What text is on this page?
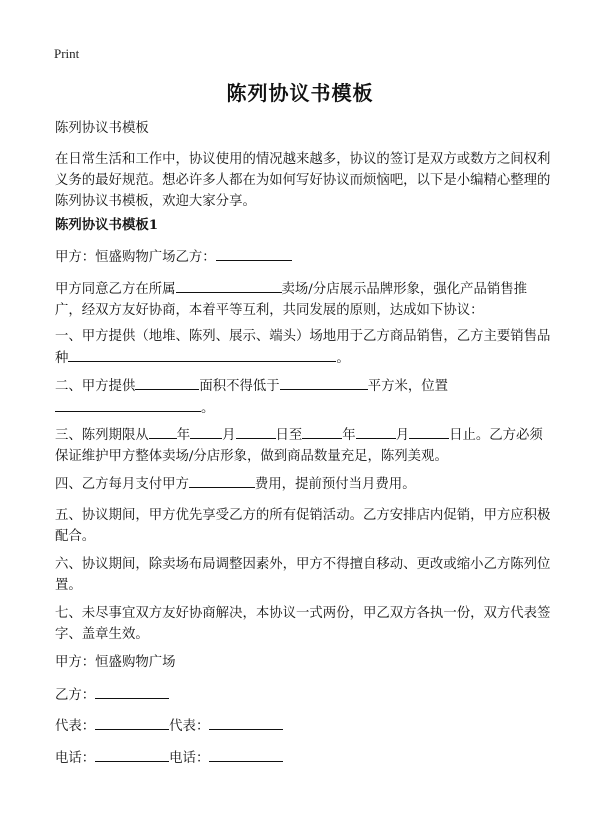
Print
陈列协议书模板

陈列协议书模板

在日常生活和工作中，协议使用的情况越来越多，协议的签订是双方或数方之间权利义务的最好规范。想必许多人都在为如何写好协议而烦恼吧，以下是小编精心整理的陈列协议书模板，欢迎大家分享。

陈列协议书模板1

甲方：恒盛购物广场乙方：

甲方同意乙方在所属	卖场/分店展示品牌形象，强化产品销售推广，经双方友好协商，本着平等互利，共同发展的原则，达成如下协议：

一、甲方提供（地堆、陈列、展示、端头）场地用于乙方商品销售，乙方主要销售品种	。

二、甲方提供	面积不得低于	平方米，位置。

三、陈列期限从 年 月	日至	年	月	日止。乙方必须保证维护甲方整体卖场/分店形象，做到商品数量充足，陈列美观。

四、乙方每月支付甲方	费用，提前预付当月费用。

五、协议期间，甲方优先享受乙方的所有促销活动。乙方安排店内促销，甲方应积极配合。

六、协议期间，除卖场布局调整因素外，甲方不得擅自移动、更改或缩小乙方陈列位置。

七、未尽事宜双方友好协商解决，本协议一式两份，甲乙双方各执一份，双方代表签字、盖章生效。

甲方：恒盛购物广场

乙方：

代表：	代表：

电话：	电话：
